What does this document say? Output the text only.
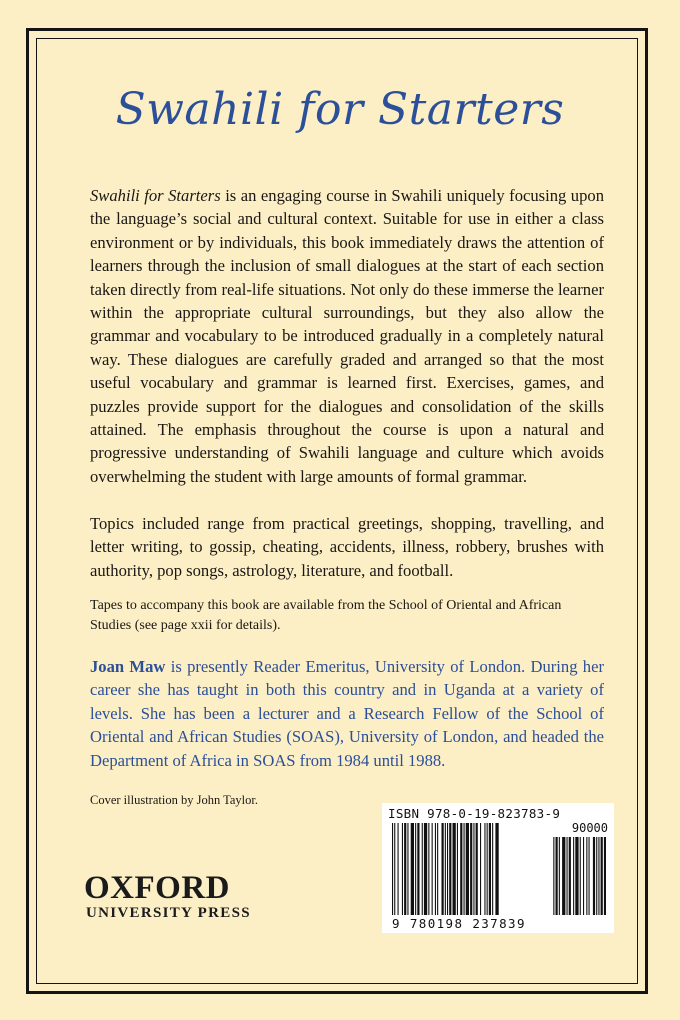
Swahili for Starters

Swahili for Starters is an engaging course in Swahili uniquely focusing upon the language’s social and cultural context. Suitable for use in either a class environment or by individuals, this book immediately draws the attention of learners through the inclusion of small dialogues at the start of each section taken directly from real-life situations. Not only do these immerse the learner within the appropriate cultural surroundings, but they also allow the grammar and vocabulary to be introduced gradually in a completely natural way. These dialogues are carefully graded and arranged so that the most useful vocabulary and grammar is learned first. Exercises, games, and puzzles provide support for the dialogues and consolidation of the skills attained. The emphasis throughout the course is upon a natural and progressive understanding of Swahili language and culture which avoids overwhelming the student with large amounts of formal grammar.

Topics included range from practical greetings, shopping, travelling, and letter writing, to gossip, cheating, accidents, illness, robbery, brushes with authority, pop songs, astrology, literature, and football.

Tapes to accompany this book are available from the School of Oriental and African Studies (see page xxii for details).

Joan Maw is presently Reader Emeritus, University of London. During her career she has taught in both this country and in Uganda at a variety of levels. She has been a lecturer and a Research Fellow of the School of Oriental and African Studies (SOAS), University of London, and headed the Department of Africa in SOAS from 1984 until 1988.

Cover illustration by John Taylor.

OXFORD
UNIVERSITY PRESS
ISBN 978-0-19-823783-9
90000
9 780198 237839
